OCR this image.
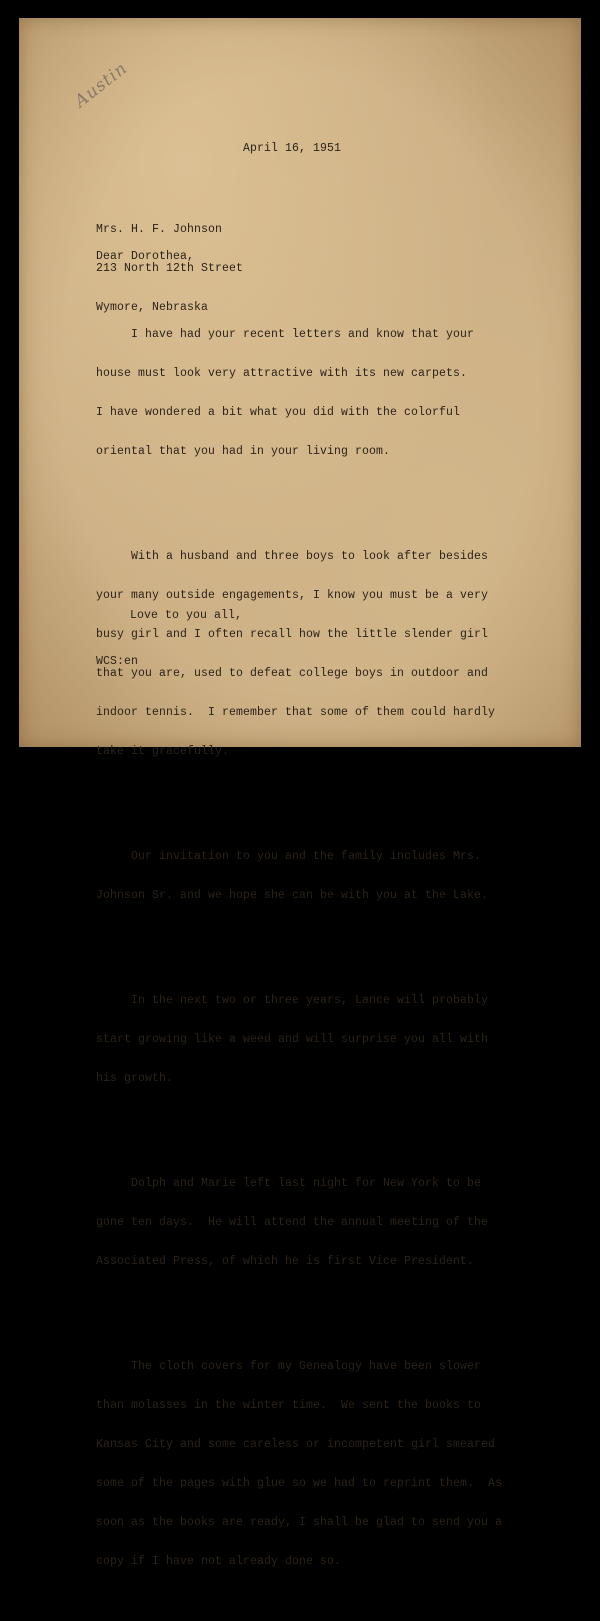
Austin
April 16, 1951

Mrs. H. F. Johnson

213 North 12th Street

Wymore, Nebraska

Dear Dorothea,

I have had your recent letters and know that your

house must look very attractive with its new carpets.

I have wondered a bit what you did with the colorful

oriental that you had in your living room.

With a husband and three boys to look after besides

your many outside engagements, I know you must be a very

busy girl and I often recall how the little slender girl

that you are, used to defeat college boys in outdoor and

indoor tennis.  I remember that some of them could hardly

take it gracefully.

Our invitation to you and the family includes Mrs.

Johnson Sr. and we hope she can be with you at the Lake.

In the next two or three years, Lance will probably

start growing like a weed and will surprise you all with

his growth.

Dolph and Marie left last night for New York to be

gone ten days.  He will attend the annual meeting of the

Associated Press, of which he is first Vice President.

The cloth covers for my Genealogy have been slower

than molasses in the winter time.  We sent the books to

Kansas City and some careless or incompetent girl smeared

some of the pages with glue so we had to reprint them.  As

soon as the books are ready, I shall be glad to send you a

copy if I have not already done so.

Love to you all,
WCS:en
